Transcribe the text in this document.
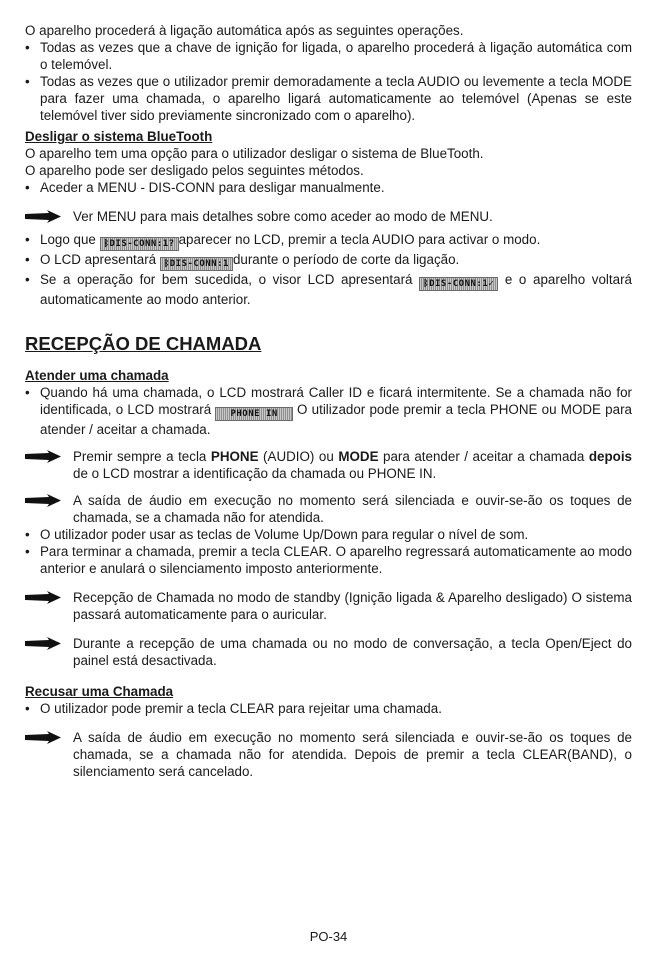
O aparelho procederá à ligação automática após as seguintes operações.

• Todas as vezes que a chave de ignição for ligada, o aparelho procederá à ligação automática com o telemóvel.

• Todas as vezes que o utilizador premir demoradamente a tecla AUDIO ou levemente a tecla MODE para fazer uma chamada, o aparelho ligará automaticamente ao telemóvel (Apenas se este telemóvel tiver sido previamente sincronizado com o aparelho).

Desligar o sistema BlueTooth

O aparelho tem uma opção para o utilizador desligar o sistema de BlueTooth.

O aparelho pode ser desligado pelos seguintes métodos.

• Aceder a MENU - DIS-CONN para desligar manualmente.

Ver MENU para mais detalhes sobre como aceder ao modo de MENU.

• Logo que ᛒDIS-CONN:1? aparecer no LCD, premir a tecla AUDIO para activar o modo.

• O LCD apresentará ᛒDIS-CONN:1 durante o período de corte da ligação.

• Se a operação for bem sucedida, o visor LCD apresentará ᛒDIS-CONN:1✓ e o aparelho voltará automaticamente ao modo anterior.

RECEPÇÃO DE CHAMADA

Atender uma chamada

• Quando há uma chamada, o LCD mostrará Caller ID e ficará intermitente. Se a chamada não for identificada, o LCD mostrará PHONE IN O utilizador pode premir a tecla PHONE ou MODE para atender / aceitar a chamada.

Premir sempre a tecla PHONE (AUDIO) ou MODE para atender / aceitar a chamada depois de o LCD mostrar a identificação da chamada ou PHONE IN.

A saída de áudio em execução no momento será silenciada e ouvir-se-ão os toques de chamada, se a chamada não for atendida.

• O utilizador poder usar as teclas de Volume Up/Down para regular o nível de som.

• Para terminar a chamada, premir a tecla CLEAR. O aparelho regressará automaticamente ao modo anterior e anulará o silenciamento imposto anteriormente.

Recepção de Chamada no modo de standby (Ignição ligada & Aparelho desligado) O sistema passará automaticamente para o auricular.

Durante a recepção de uma chamada ou no modo de conversação, a tecla Open/Eject do painel está desactivada.

Recusar uma Chamada

• O utilizador pode premir a tecla CLEAR para rejeitar uma chamada.

A saída de áudio em execução no momento será silenciada e ouvir-se-ão os toques de chamada, se a chamada não for atendida. Depois de premir a tecla CLEAR(BAND), o silenciamento será cancelado.

PO-34
